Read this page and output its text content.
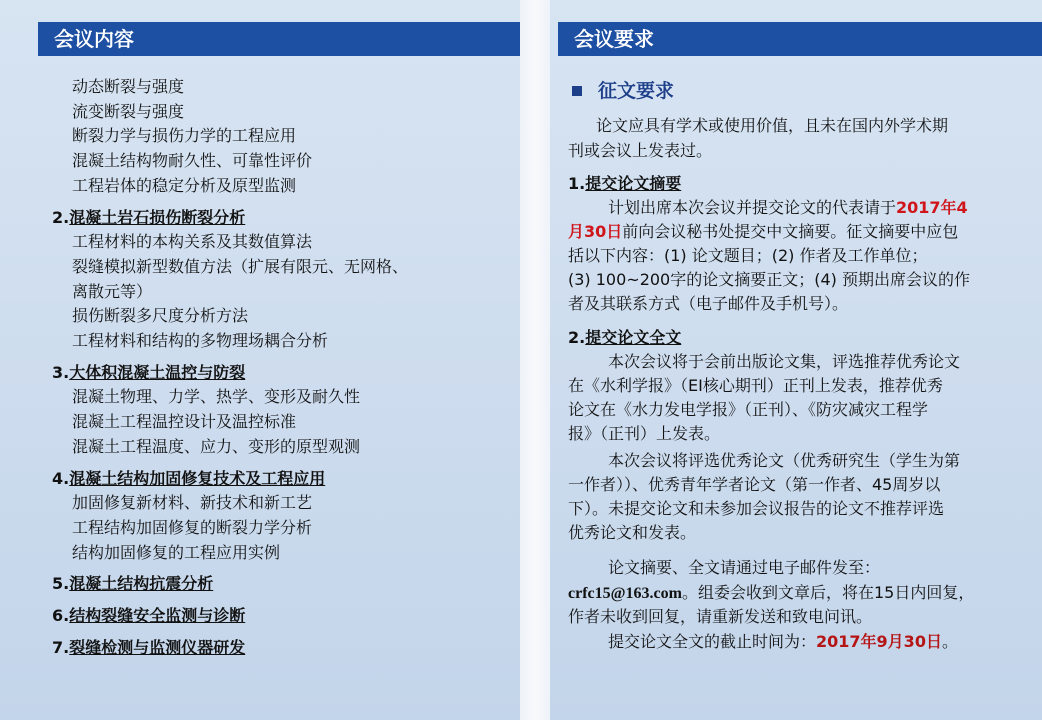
会议内容
动态断裂与强度
流变断裂与强度
断裂力学与损伤力学的工程应用
混凝土结构物耐久性、可靠性评价
工程岩体的稳定分析及原型监测
2.混凝土岩石损伤断裂分析
工程材料的本构关系及其数值算法
裂缝模拟新型数值方法（扩展有限元、无网格、
离散元等）
损伤断裂多尺度分析方法
工程材料和结构的多物理场耦合分析
3.大体积混凝土温控与防裂
混凝土物理、力学、热学、变形及耐久性
混凝土工程温控设计及温控标准
混凝土工程温度、应力、变形的原型观测
4.混凝土结构加固修复技术及工程应用
加固修复新材料、新技术和新工艺
工程结构加固修复的断裂力学分析
结构加固修复的工程应用实例
5.混凝土结构抗震分析
6.结构裂缝安全监测与诊断
7.裂缝检测与监测仪器研发
会议要求
征文要求
论文应具有学术或使用价值，且未在国内外学术期
刊或会议上发表过。
1.提交论文摘要
计划出席本次会议并提交论文的代表请于2017年4
月30日前向会议秘书处提交中文摘要。征文摘要中应包
括以下内容：(1) 论文题目；(2) 作者及工作单位；
(3) 100~200字的论文摘要正文；(4) 预期出席会议的作
者及其联系方式（电子邮件及手机号）。
2.提交论文全文
本次会议将于会前出版论文集，评选推荐优秀论文
在《水利学报》（EI核心期刊）正刊上发表，推荐优秀
论文在《水力发电学报》（正刊）、《防灾减灾工程学
报》（正刊）上发表。
本次会议将评选优秀论文（优秀研究生（学生为第
一作者））、优秀青年学者论文（第一作者、45周岁以
下）。未提交论文和未参加会议报告的论文不推荐评选
优秀论文和发表。
论文摘要、全文请通过电子邮件发至：
crfc15@163.com。组委会收到文章后，将在15日内回复，
作者未收到回复，请重新发送和致电问讯。
提交论文全文的截止时间为：2017年9月30日。
